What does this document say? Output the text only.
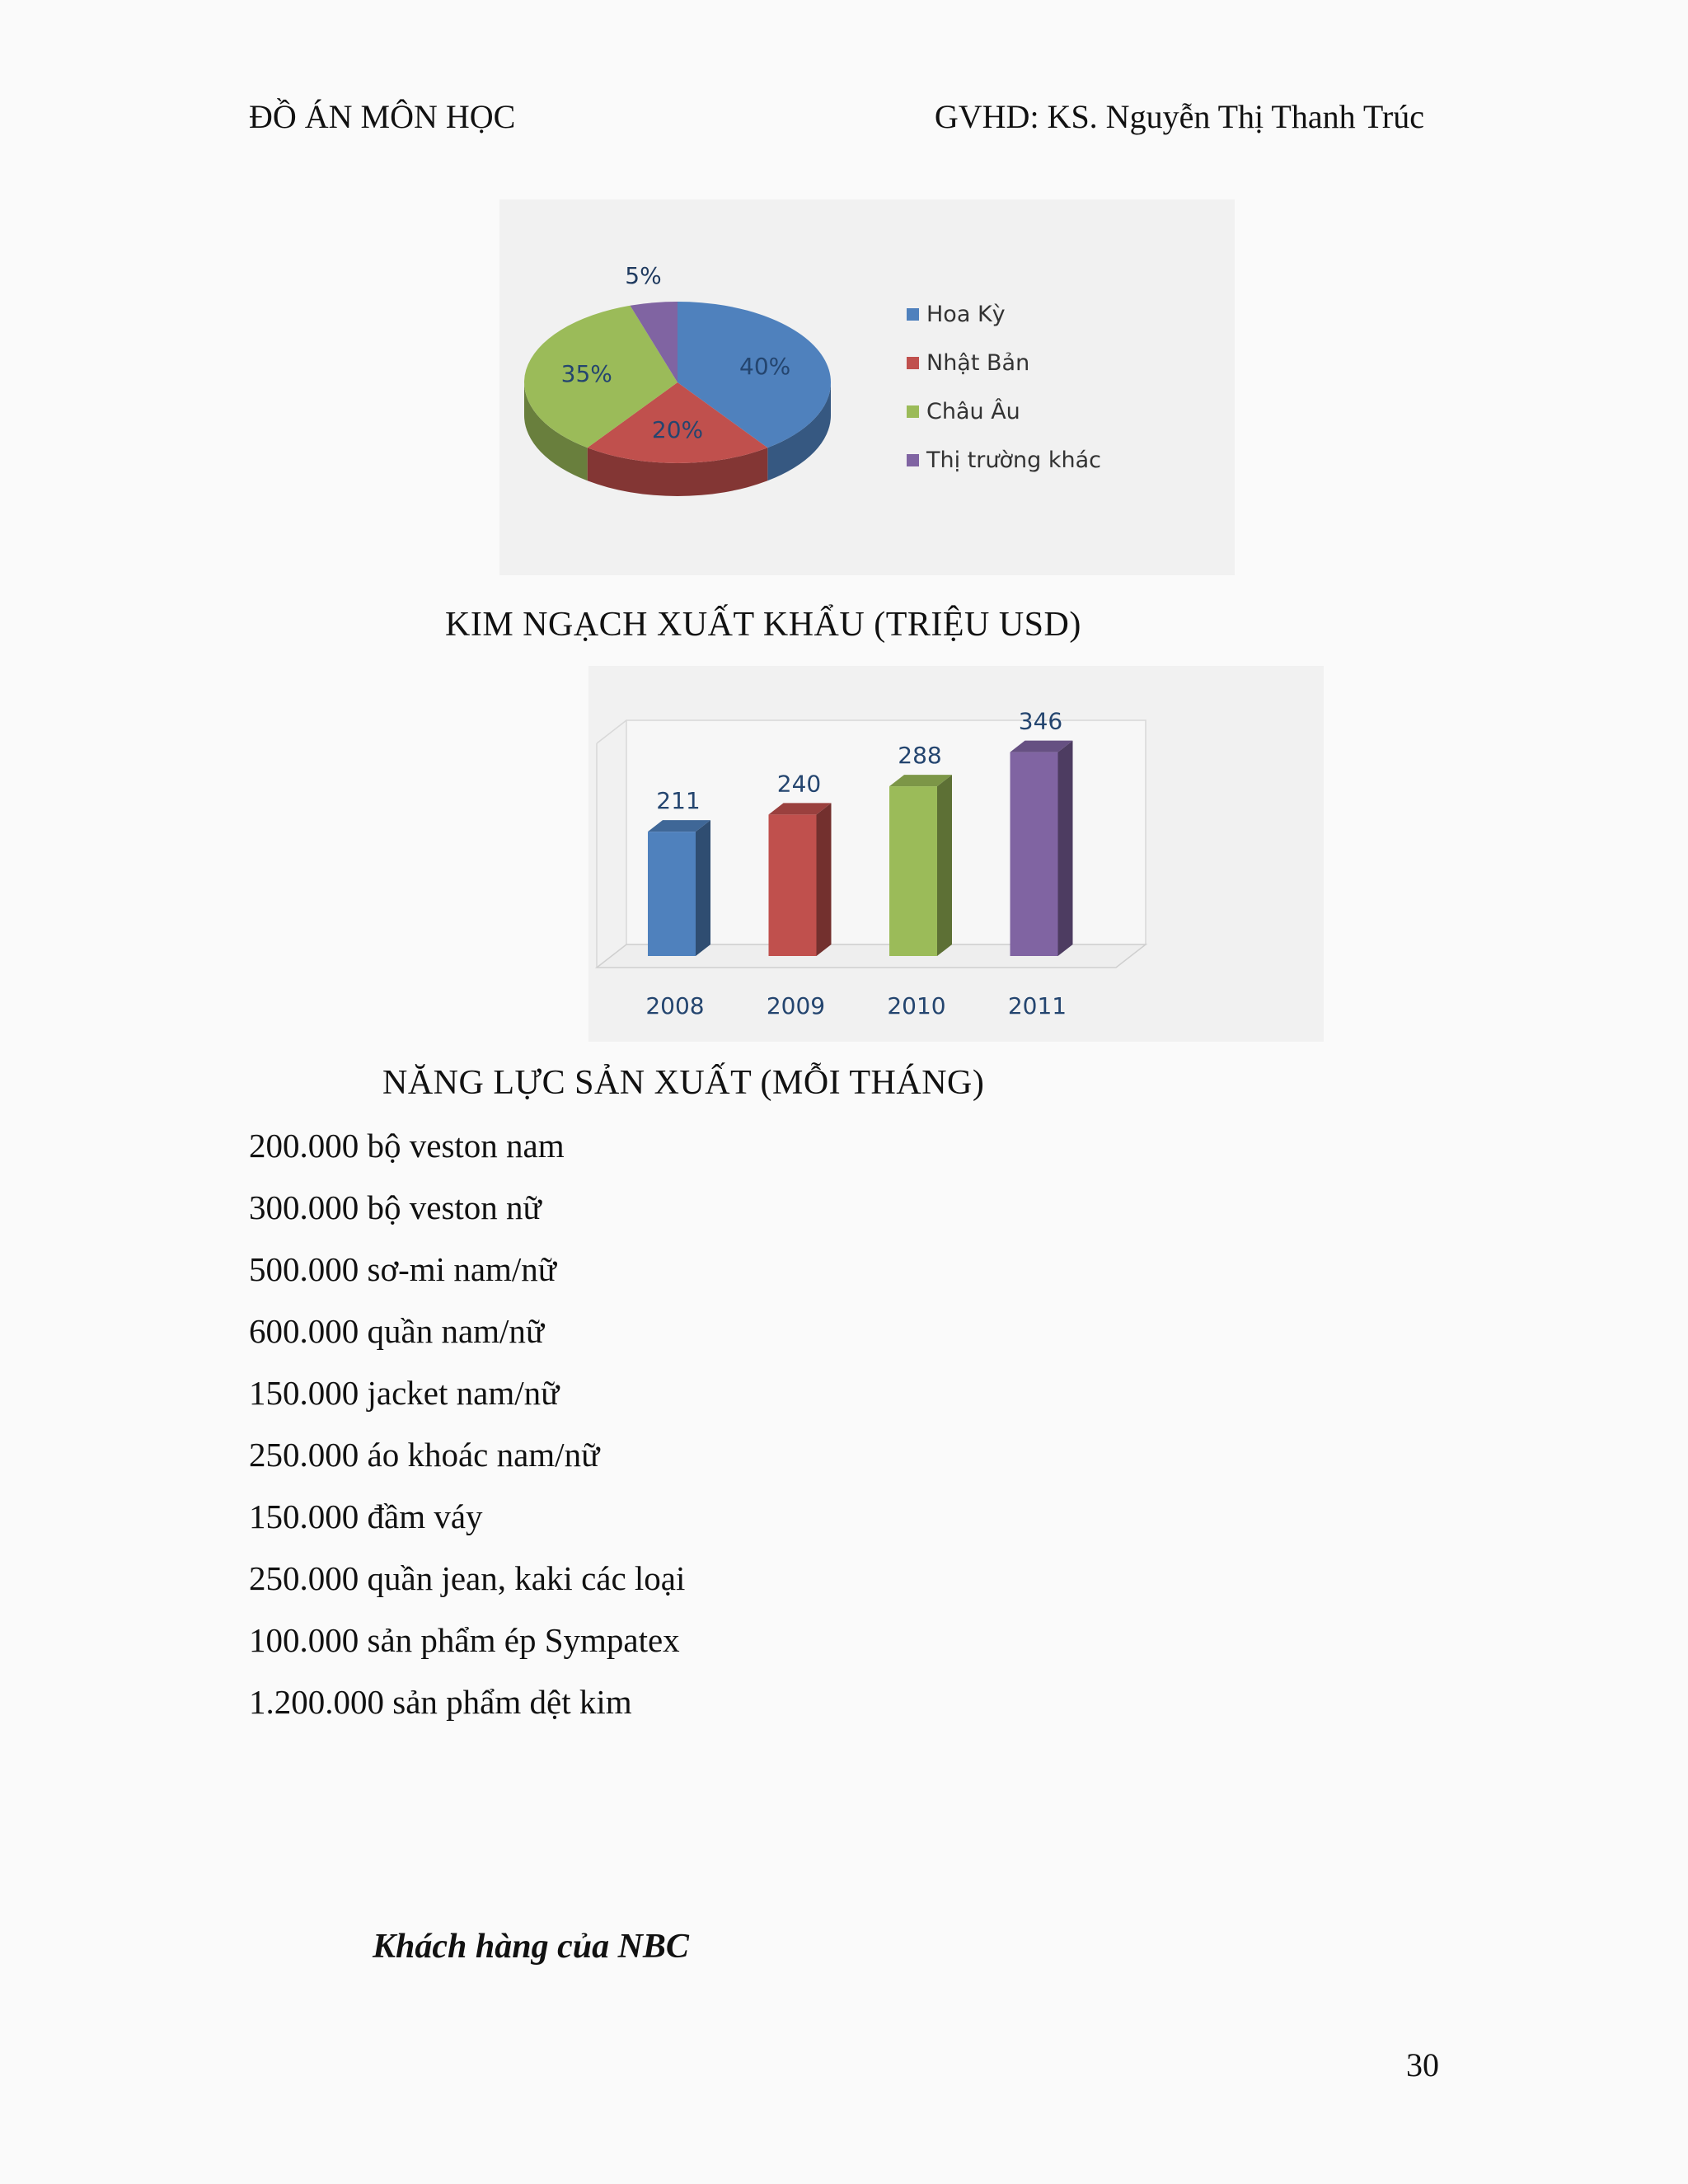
ĐỒ ÁN MÔN HỌC	GVHD: KS. Nguyễn Thị Thanh Trúc
40%
20%
35%
5%
Hoa Kỳ
Nhật Bản
Châu Âu
Thị trường khác
KIM NGẠCH XUẤT KHẨU (TRIỆU USD)
211
2008
240
2009
288
2010
346
2011
NĂNG LỰC SẢN XUẤT (MỖI THÁNG)
200.000 bộ veston nam
300.000 bộ veston nữ
500.000 sơ-mi nam/nữ
600.000 quần nam/nữ
150.000 jacket nam/nữ
250.000 áo khoác nam/nữ
150.000 đầm váy
250.000 quần jean, kaki các loại
100.000 sản phẩm ép Sympatex
1.200.000 sản phẩm dệt kim
Khách hàng của NBC
30
